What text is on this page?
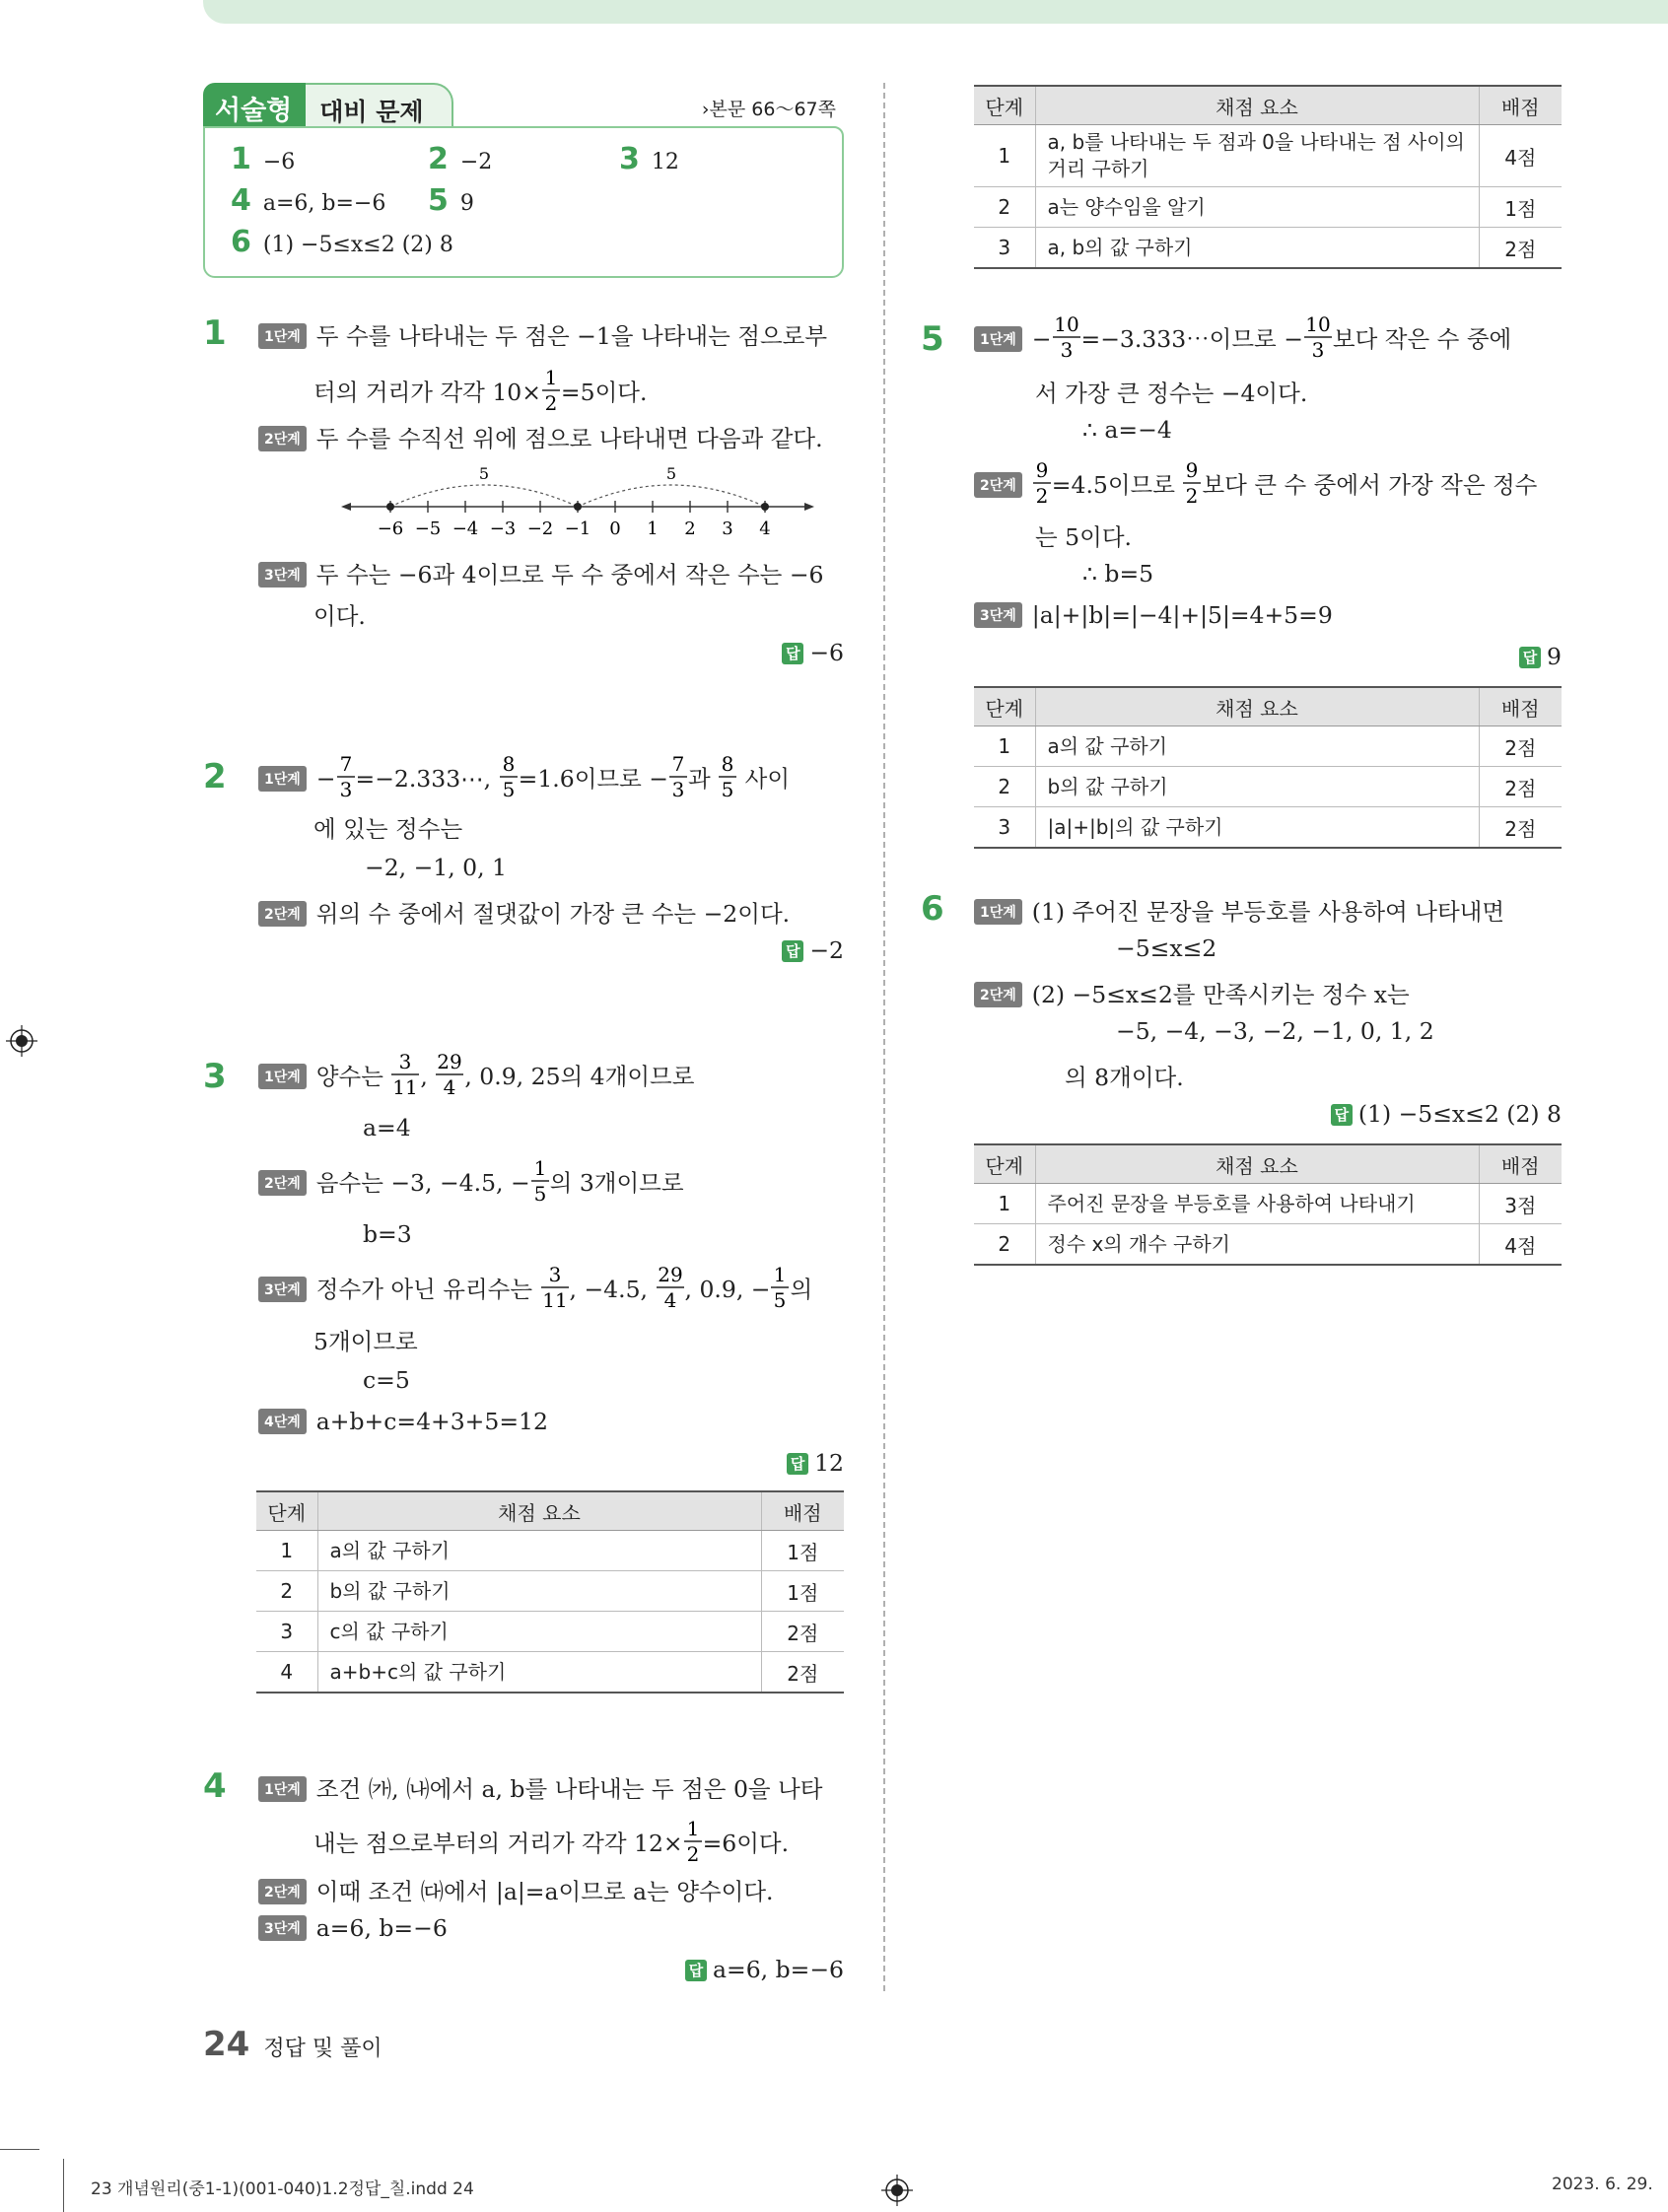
서술형	대비 문제	›본문 66～67쪽
1 −6	2 −2	3 12
4 a=6, b=−6 5 9
6 (1) −5≤x≤2 (2) 8
1	1단계 두 수를 나타내는 두 점은 −1을 나타내는 점으로부
터의 거리가 각각 10×
1
2 =5이다.
2단계 두 수를 수직선 위에 점으로 나타내면 다음과 같다.
5	5
−6 −5 −4 −3 −2 −1 0 1 2 3 4
3단계 두 수는 −6과 4이므로 두 수 중에서 작은 수는 −6
이다.
답 −6
2	1단계 −
7
3 =−2.333⋯,
8
5 =1.6이므로 −
7
3 과
8
5 사이
에 있는 정수는
−2, −1, 0, 1
2단계 위의 수 중에서 절댓값이 가장 큰 수는 −2이다.
답 −2
3	1단계 양수는
3
11 ,
29
4 , 0.9, 25의 4개이므로
a=4
2단계 음수는 −3, −4.5, −
1
5 의 3개이므로
b=3
3단계 정수가 아닌 유리수는
3
11 , −4.5,
29
4 , 0.9, −
1
5 의
5개이므로
c=5
4단계 a+b+c=4+3+5=12
답 12
단계	채점 요소	배점
1	a의 값 구하기	1점
2	b의 값 구하기	1점
3	c의 값 구하기	2점
4	a+b+c의 값 구하기	2점
4	1단계 조건 ㈎, ㈏에서 a, b를 나타내는 두 점은 0을 나타
내는 점으로부터의 거리가 각각 12×
1
2 =6이다.
2단계 이때 조건 ㈐에서 |a|=a이므로 a는 양수이다.
3단계 a=6, b=−6
답 a=6, b=−6
단계	채점 요소	배점
1	a, b를 나타내는 두 점과 0을 나타내는 점 사이의 거리 구하기	4점
2	a는 양수임을 알기	1점
3	a, b의 값 구하기	2점
5	1단계 −
10
3 =−3.333⋯이므로 −
10
3 보다 작은 수 중에
서 가장 큰 정수는 −4이다.
∴ a=−4
2단계
9
2 =4.5이므로
9
2 보다 큰 수 중에서 가장 작은 정수
는 5이다.
∴ b=5
3단계 |a|+|b|=|−4|+|5|=4+5=9
답 9
단계	채점 요소	배점
1	a의 값 구하기	2점
2	b의 값 구하기	2점
3	|a|+|b|의 값 구하기	2점
6	1단계 (1) 주어진 문장을 부등호를 사용하여 나타내면
−5≤x≤2
2단계 (2) −5≤x≤2를 만족시키는 정수 x는
−5, −4, −3, −2, −1, 0, 1, 2
의 8개이다.
답 (1) −5≤x≤2 (2) 8
단계	채점 요소	배점
1	주어진 문장을 부등호를 사용하여 나타내기	3점
2	정수 x의 개수 구하기	4점
24 정답 및 풀이
23 개념원리(중1-1)(001-040)1.2정답_칠.indd 24	2023. 6. 29.
